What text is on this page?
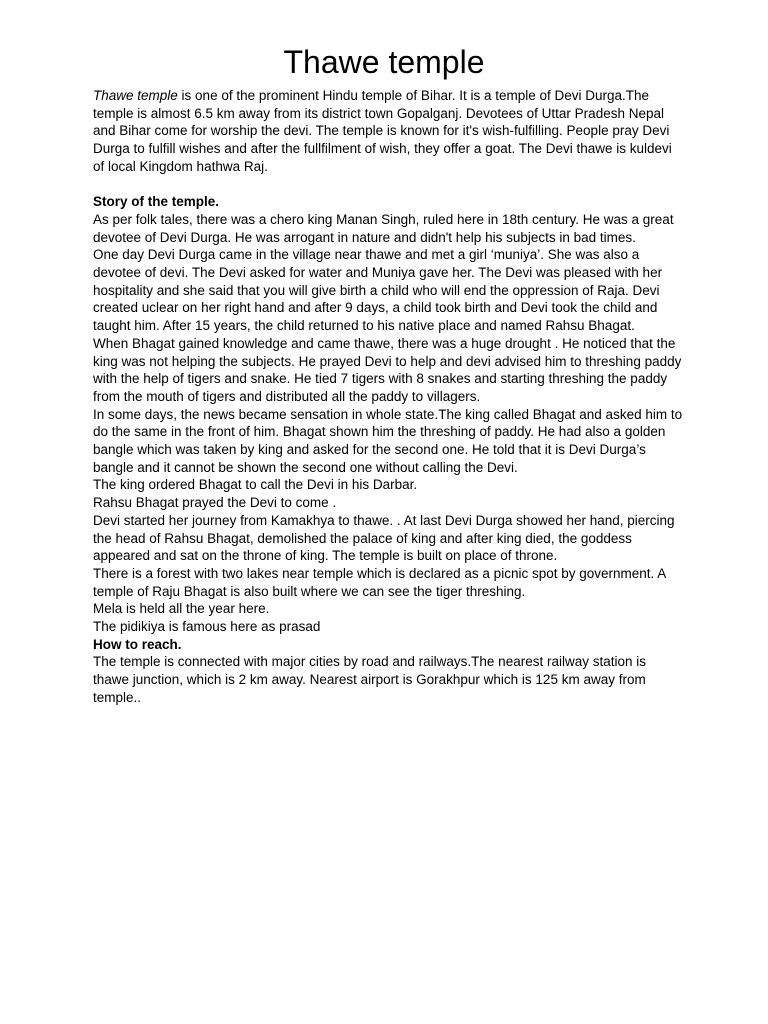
Thawe temple

Thawe temple is one of the prominent Hindu temple of Bihar. It is a temple of Devi Durga.The temple is almost 6.5 km away from its district town Gopalganj. Devotees of Uttar Pradesh Nepal and Bihar come for worship the devi. The temple is known for it's wish-fulfilling. People pray Devi Durga to fulfill wishes and after the fullfilment of wish, they offer a goat. The Devi thawe is kuldevi of local Kingdom hathwa Raj.

Story of the temple.

As per folk tales, there was a chero king Manan Singh, ruled here in 18th century. He was a great devotee of Devi Durga. He was arrogant in nature and didn't help his subjects in bad times.

One day Devi Durga came in the village near thawe and met a girl ‘muniya’. She was also a devotee of devi. The Devi asked for water and Muniya gave her. The Devi was pleased with her hospitality and she said that you will give birth a child who will end the oppression of Raja. Devi created uclear on her right hand and after 9 days, a child took birth and Devi took the child and taught him. After 15 years, the child returned to his native place and named Rahsu Bhagat.

When Bhagat gained knowledge and came thawe, there was a huge drought . He noticed that the king was not helping the subjects. He prayed Devi to help and devi advised him to threshing paddy with the help of tigers and snake. He tied 7 tigers with 8 snakes and starting threshing the paddy from the mouth of tigers and distributed all the paddy to villagers.

In some days, the news became sensation in whole state.The king called Bhagat and asked him to do the same in the front of him. Bhagat shown him the threshing of paddy. He had also a golden bangle which was taken by king and asked for the second one. He told that it is Devi Durga’s bangle and it cannot be shown the second one without calling the Devi.

The king ordered Bhagat to call the Devi in his Darbar.

Rahsu Bhagat prayed the Devi to come .

Devi started her journey from Kamakhya to thawe. . At last Devi Durga showed her hand, piercing the head of Rahsu Bhagat, demolished the palace of king and after king died, the goddess appeared and sat on the throne of king. The temple is built on place of throne.

There is a forest with two lakes near temple which is declared as a picnic spot by government. A temple of Raju Bhagat is also built where we can see the tiger threshing.

Mela is held all the year here.

The pidikiya is famous here as prasad

How to reach.

The temple is connected with major cities by road and railways.The nearest railway station is thawe junction, which is 2 km away. Nearest airport is Gorakhpur which is 125 km away from temple..
